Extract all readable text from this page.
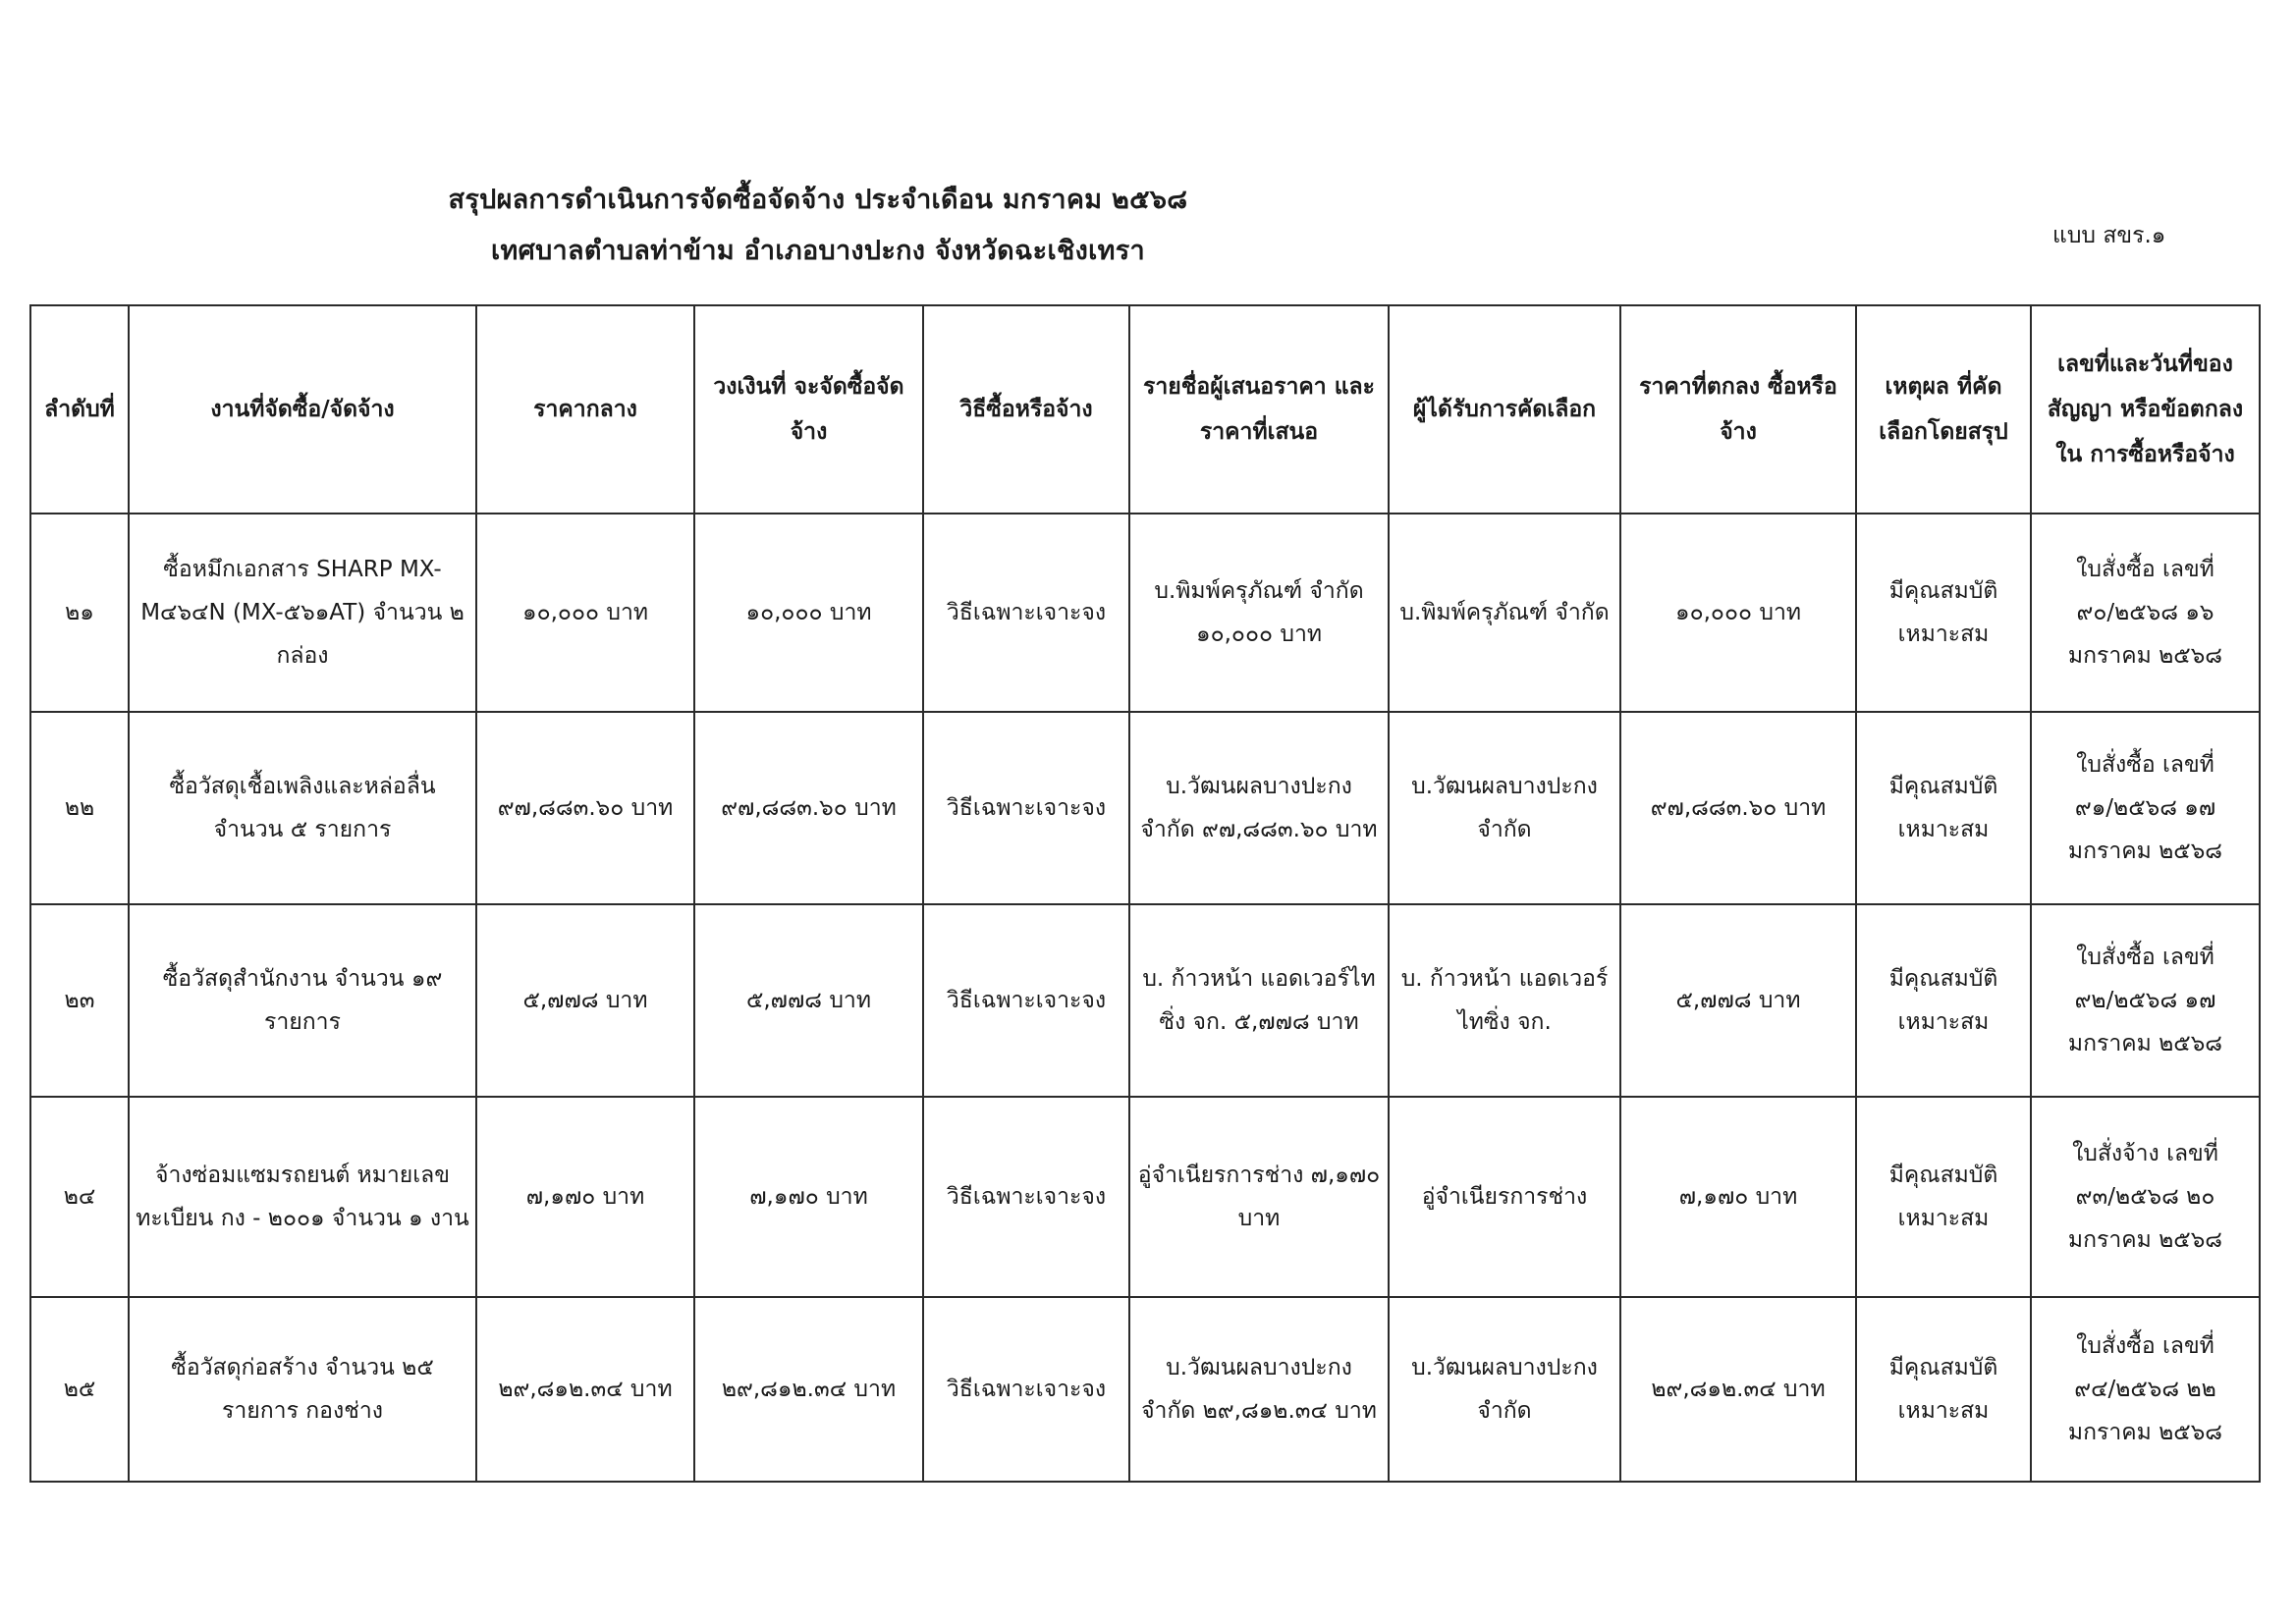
สรุปผลการดำเนินการจัดซื้อจัดจ้าง ประจำเดือน มกราคม ๒๕๖๘
เทศบาลตำบลท่าข้าม อำเภอบางปะกง จังหวัดฉะเชิงเทรา	แบบ สขร.๑
ลำดับที่	งานที่จัดซื้อ/จัดจ้าง	ราคากลาง	วงเงินที่ จะจัดซื้อจัดจ้าง	วิธีซื้อหรือจ้าง	รายชื่อผู้เสนอราคา และราคาที่เสนอ	ผู้ได้รับการคัดเลือก	ราคาที่ตกลง ซื้อหรือจ้าง	เหตุผล ที่คัดเลือกโดยสรุป	เลขที่และวันที่ของสัญญา หรือข้อตกลงใน การซื้อหรือจ้าง
๒๑	ซื้อหมึกเอกสาร SHARP MX-M๔๖๔N (MX-๕๖๑AT) จำนวน ๒ กล่อง	๑๐,๐๐๐ บาท	๑๐,๐๐๐ บาท	วิธีเฉพาะเจาะจง	บ.พิมพ์ครุภัณฑ์ จำกัด ๑๐,๐๐๐ บาท	บ.พิมพ์ครุภัณฑ์ จำกัด	๑๐,๐๐๐ บาท	มีคุณสมบัติ เหมาะสม	ใบสั่งซื้อ เลขที่ ๙๐/๒๕๖๘ ๑๖ มกราคม ๒๕๖๘
๒๒	ซื้อวัสดุเชื้อเพลิงและหล่อลื่น จำนวน ๕ รายการ	๙๗,๘๘๓.๖๐ บาท	๙๗,๘๘๓.๖๐ บาท	วิธีเฉพาะเจาะจง	บ.วัฒนผลบางปะกง จำกัด ๙๗,๘๘๓.๖๐ บาท	บ.วัฒนผลบางปะกง จำกัด	๙๗,๘๘๓.๖๐ บาท	มีคุณสมบัติ เหมาะสม	ใบสั่งซื้อ เลขที่ ๙๑/๒๕๖๘ ๑๗ มกราคม ๒๕๖๘
๒๓	ซื้อวัสดุสำนักงาน จำนวน ๑๙ รายการ	๕,๗๗๘ บาท	๕,๗๗๘ บาท	วิธีเฉพาะเจาะจง	บ. ก้าวหน้า แอดเวอร์ไทซิ่ง จก. ๕,๗๗๘ บาท	บ. ก้าวหน้า แอดเวอร์ไทซิ่ง จก.	๕,๗๗๘ บาท	มีคุณสมบัติ เหมาะสม	ใบสั่งซื้อ เลขที่ ๙๒/๒๕๖๘ ๑๗ มกราคม ๒๕๖๘
๒๔	จ้างซ่อมแซมรถยนต์ หมายเลขทะเบียน กง - ๒๐๐๑ จำนวน ๑ งาน	๗,๑๗๐ บาท	๗,๑๗๐ บาท	วิธีเฉพาะเจาะจง	อู่จำเนียรการช่าง ๗,๑๗๐ บาท	อู่จำเนียรการช่าง	๗,๑๗๐ บาท	มีคุณสมบัติ เหมาะสม	ใบสั่งจ้าง เลขที่ ๙๓/๒๕๖๘ ๒๐ มกราคม ๒๕๖๘
๒๕	ซื้อวัสดุก่อสร้าง จำนวน ๒๕ รายการ กองช่าง	๒๙,๘๑๒.๓๔ บาท	๒๙,๘๑๒.๓๔ บาท	วิธีเฉพาะเจาะจง	บ.วัฒนผลบางปะกง จำกัด ๒๙,๘๑๒.๓๔ บาท	บ.วัฒนผลบางปะกง จำกัด	๒๙,๘๑๒.๓๔ บาท	มีคุณสมบัติ เหมาะสม	ใบสั่งซื้อ เลขที่ ๙๔/๒๕๖๘ ๒๒ มกราคม ๒๕๖๘
